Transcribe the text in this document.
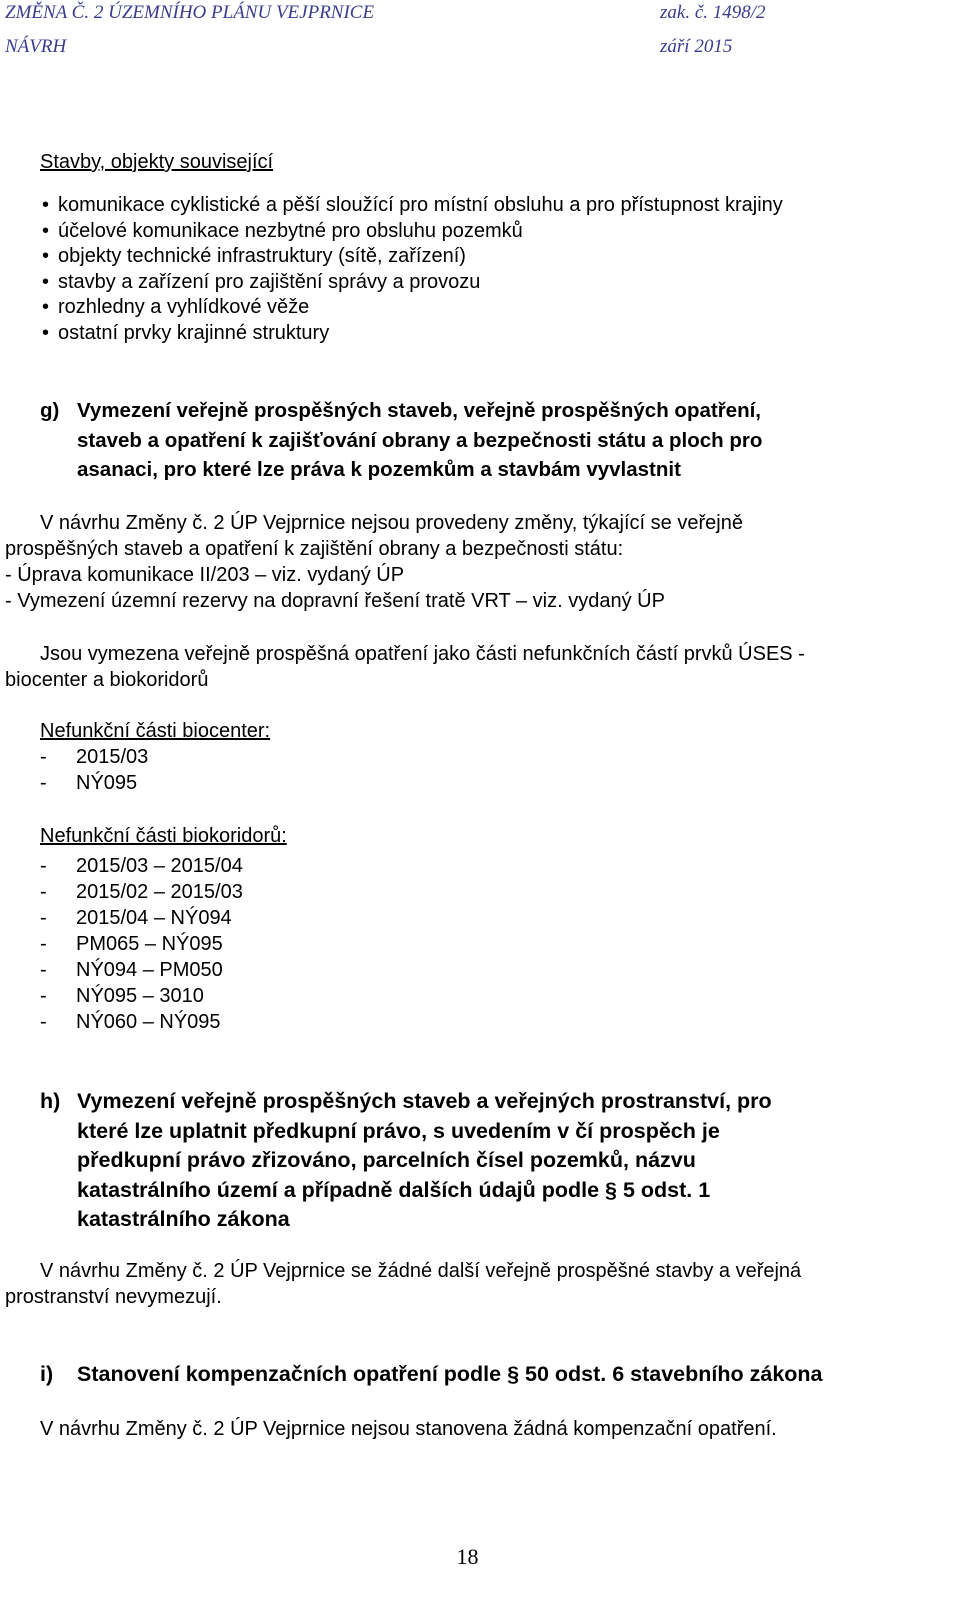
ZMĚNA Č. 2 ÚZEMNÍHO PLÁNU VEJPRNICE	zak. č. 1498/2
NÁVRH	září 2015
Stavby, objekty související
• komunikace cyklistické a pěší sloužící pro místní obsluhu a pro přístupnost krajiny
• účelové komunikace nezbytné pro obsluhu pozemků
• objekty technické infrastruktury (sítě, zařízení)
• stavby a zařízení pro zajištění správy a provozu
• rozhledny a vyhlídkové věže
• ostatní prvky krajinné struktury
g) Vymezení veřejně prospěšných staveb, veřejně prospěšných opatření,
staveb a opatření k zajišťování obrany a bezpečnosti státu a ploch pro
asanaci, pro které lze práva k pozemkům a stavbám vyvlastnit
V návrhu Změny č. 2 ÚP Vejprnice nejsou provedeny změny, týkající se veřejně
prospěšných staveb a opatření k zajištění obrany a bezpečnosti státu:
- Úprava komunikace II/203 – viz. vydaný ÚP
- Vymezení územní rezervy na dopravní řešení tratě VRT – viz. vydaný ÚP
Jsou vymezena veřejně prospěšná opatření jako části nefunkčních částí prvků ÚSES -
biocenter a biokoridorů
Nefunkční části biocenter:
- 2015/03
- NÝ095
Nefunkční části biokoridorů:
- 2015/03 – 2015/04
- 2015/02 – 2015/03
- 2015/04 – NÝ094
- PM065 – NÝ095
- NÝ094 – PM050
- NÝ095 – 3010
- NÝ060 – NÝ095
h) Vymezení veřejně prospěšných staveb a veřejných prostranství, pro
které lze uplatnit předkupní právo, s uvedením v čí prospěch je
předkupní právo zřizováno, parcelních čísel pozemků, názvu
katastrálního území a případně dalších údajů podle § 5 odst. 1
katastrálního zákona
V návrhu Změny č. 2 ÚP Vejprnice se žádné další veřejně prospěšné stavby a veřejná
prostranství nevymezují.
i) Stanovení kompenzačních opatření podle § 50 odst. 6 stavebního zákona
V návrhu Změny č. 2 ÚP Vejprnice nejsou stanovena žádná kompenzační opatření.
18
